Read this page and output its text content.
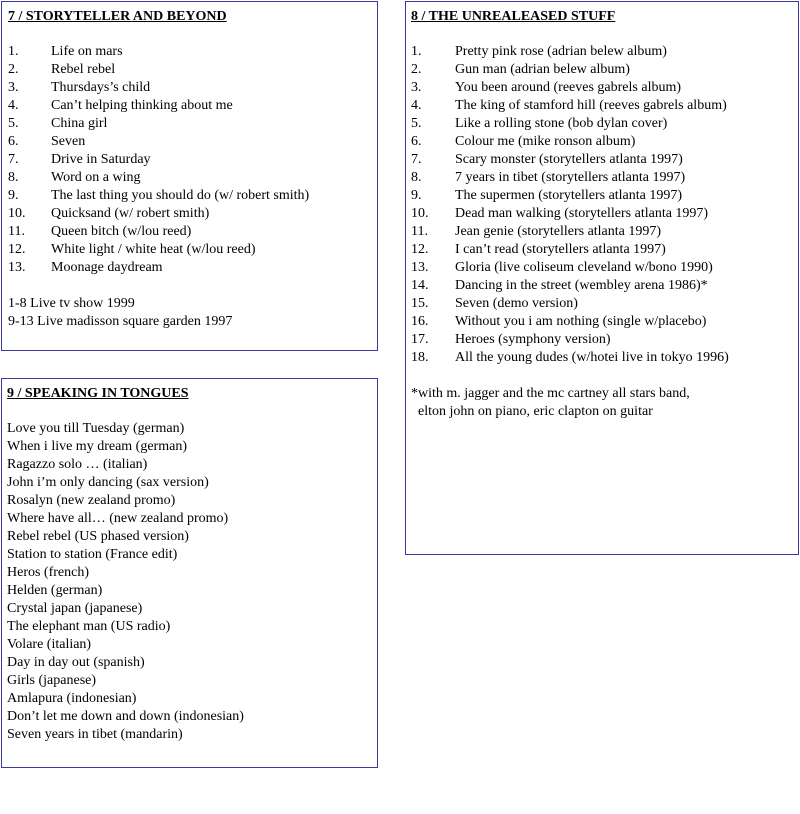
7 / STORYTELLER AND BEYOND
1. Life on mars
2. Rebel rebel
3. Thursdays’s child
4. Can’t helping thinking about me
5. China girl
6. Seven
7. Drive in Saturday
8. Word on a wing
9. The last thing you should do (w/ robert smith)
10. Quicksand (w/ robert smith)
11. Queen bitch (w/lou reed)
12. White light / white heat (w/lou reed)
13. Moonage daydream
1-8 Live tv show 1999
9-13 Live madisson square garden 1997
8 / THE UNREALEASED STUFF
1. Pretty pink rose (adrian belew album)
2. Gun man (adrian belew album)
3. You been around (reeves gabrels album)
4. The king of stamford hill (reeves gabrels album)
5. Like a rolling stone (bob dylan cover)
6. Colour me (mike ronson album)
7. Scary monster (storytellers atlanta 1997)
8. 7 years in tibet (storytellers atlanta 1997)
9. The supermen (storytellers atlanta 1997)
10. Dead man walking (storytellers atlanta 1997)
11. Jean genie (storytellers atlanta 1997)
12. I can’t read (storytellers atlanta 1997)
13. Gloria (live coliseum cleveland w/bono 1990)
14. Dancing in the street (wembley arena 1986)*
15. Seven (demo version)
16. Without you i am nothing (single w/placebo)
17. Heroes (symphony version)
18. All the young dudes (w/hotei live in tokyo 1996)
*with m. jagger and the mc cartney all stars band,
elton john on piano, eric clapton on guitar
9 / SPEAKING IN TONGUES
Love you till Tuesday (german)
When i live my dream (german)
Ragazzo solo … (italian)
John i’m only dancing (sax version)
Rosalyn (new zealand promo)
Where have all… (new zealand promo)
Rebel rebel (US phased version)
Station to station (France edit)
Heros (french)
Helden (german)
Crystal japan (japanese)
The elephant man (US radio)
Volare (italian)
Day in day out (spanish)
Girls (japanese)
Amlapura (indonesian)
Don’t let me down and down (indonesian)
Seven years in tibet (mandarin)
